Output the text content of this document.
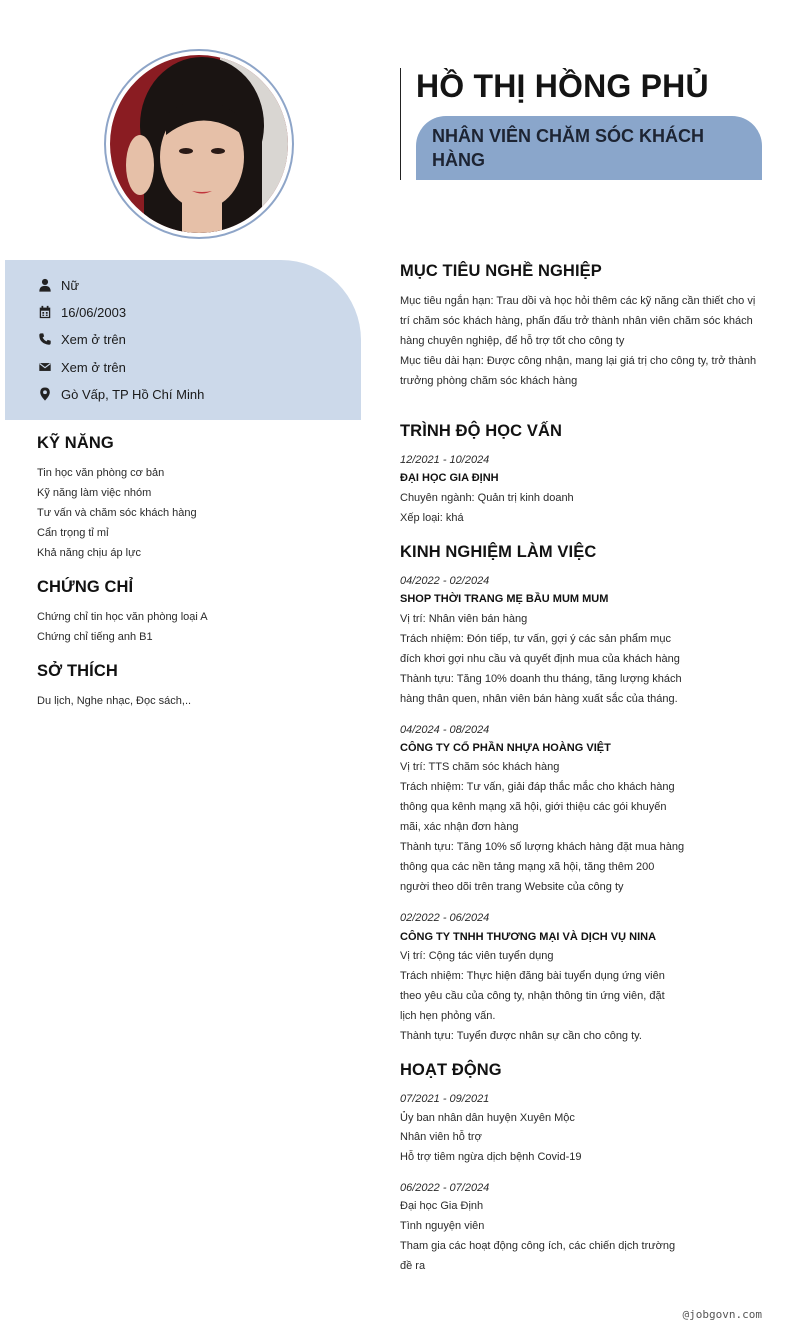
HỒ THỊ HỒNG PHỦ
NHÂN VIÊN CHĂM SÓC KHÁCH HÀNG
Nữ
16/06/2003
Xem ở trên
Xem ở trên
Gò Vấp, TP Hồ Chí Minh
KỸ NĂNG
Tin học văn phòng cơ bản
Kỹ năng làm việc nhóm
Tư vấn và chăm sóc khách hàng
Cẩn trọng tỉ mỉ
Khả năng chịu áp lực
CHỨNG CHỈ
Chứng chỉ tin học văn phòng loại A
Chứng chỉ tiếng anh B1
SỞ THÍCH
Du lịch, Nghe nhạc, Đọc sách,..
MỤC TIÊU NGHỀ NGHIỆP
Mục tiêu ngắn hạn: Trau dồi và học hỏi thêm các kỹ năng cần thiết cho vị
trí chăm sóc khách hàng, phấn đấu trở thành nhân viên chăm sóc khách
hàng chuyên nghiệp, để hỗ trợ tốt cho công ty
Mục tiêu dài hạn: Được công nhận, mang lại giá trị cho công ty, trở thành
trưởng phòng chăm sóc khách hàng
TRÌNH ĐỘ HỌC VẤN
12/2021 - 10/2024
ĐẠI HỌC GIA ĐỊNH
Chuyên ngành: Quản trị kinh doanh
Xếp loại: khá
KINH NGHIỆM LÀM VIỆC
04/2022 - 02/2024
SHOP THỜI TRANG MẸ BẦU MUM MUM
Vị trí: Nhân viên bán hàng
Trách nhiệm: Đón tiếp, tư vấn, gợi ý các sản phẩm mục
đích khơi gợi nhu cầu và quyết định mua của khách hàng
Thành tựu: Tăng 10% doanh thu tháng, tăng lượng khách
hàng thân quen, nhân viên bán hàng xuất sắc của tháng.
04/2024 - 08/2024
CÔNG TY CỔ PHẦN NHỰA HOÀNG VIỆT
Vị trí: TTS chăm sóc khách hàng
Trách nhiệm: Tư vấn, giải đáp thắc mắc cho khách hàng
thông qua kênh mạng xã hội, giới thiệu các gói khuyến
mãi, xác nhận đơn hàng
Thành tựu: Tăng 10% số lượng khách hàng đặt mua hàng
thông qua các nền tảng mạng xã hội, tăng thêm 200
người theo dõi trên trang Website của công ty
02/2022 - 06/2024
CÔNG TY TNHH THƯƠNG MẠI VÀ DỊCH VỤ NINA
Vị trí: Cộng tác viên tuyển dụng
Trách nhiệm: Thực hiện đăng bài tuyển dụng ứng viên
theo yêu cầu của công ty, nhận thông tin ứng viên, đặt
lịch hẹn phỏng vấn.
Thành tựu: Tuyển được nhân sự cần cho công ty.
HOẠT ĐỘNG
07/2021 - 09/2021
Ủy ban nhân dân huyện Xuyên Mộc
Nhân viên hỗ trợ
Hỗ trợ tiêm ngừa dịch bệnh Covid-19
06/2022 - 07/2024
Đại học Gia Định
Tình nguyện viên
Tham gia các hoạt động công ích, các chiến dịch trường
đề ra
@jobgovn.com
